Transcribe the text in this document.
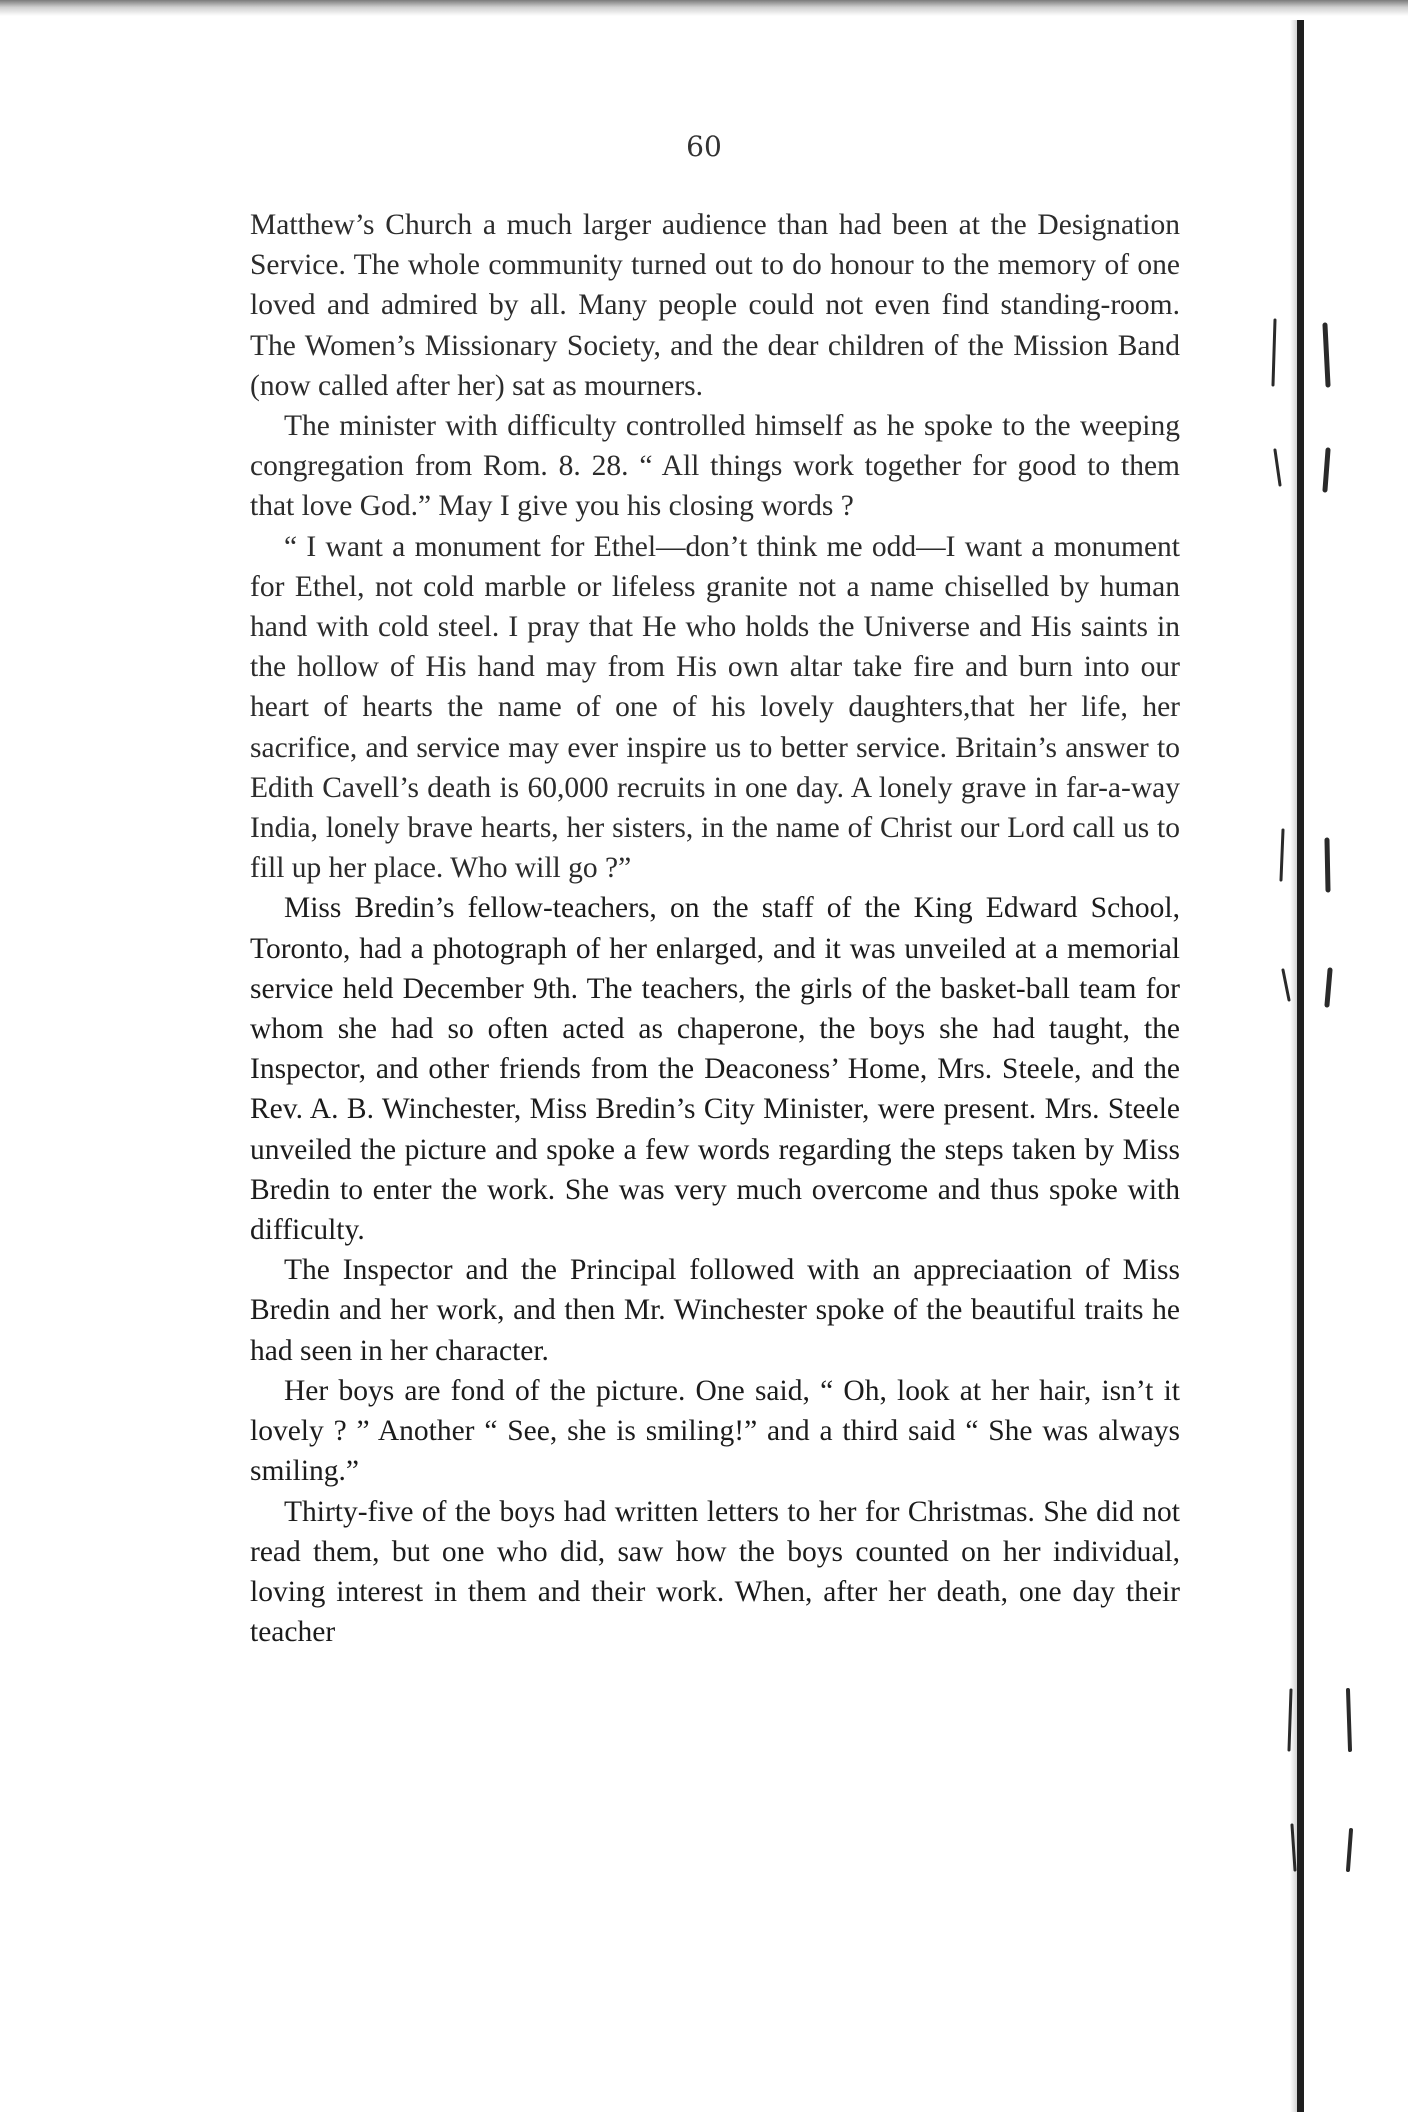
60

Matthew’s Church a much larger audience than had been at the Designation Service. The whole community turned out to do honour to the memory of one loved and admired by all. Many people could not even find standing-room. The Women’s Missionary Society, and the dear children of the Mission Band (now called after her) sat as mourners.

The minister with difficulty controlled himself as he spoke to the weeping congregation from Rom. 8. 28. “ All things work together for good to them that love God.” May I give you his closing words ?

“ I want a monument for Ethel—don’t think me odd—I want a monument for Ethel, not cold marble or lifeless granite not a name chiselled by human hand with cold steel. I pray that He who holds the Universe and His saints in the hollow of His hand may from His own altar take fire and burn into our heart of hearts the name of one of his lovely daughters,that her life, her sacrifice, and service may ever inspire us to better service. Britain’s answer to Edith Cavell’s death is 60,000 recruits in one day. A lonely grave in far-a-way India, lonely brave hearts, her sisters, in the name of Christ our Lord call us to fill up her place. Who will go ?”

Miss Bredin’s fellow-teachers, on the staff of the King Edward School, Toronto, had a photograph of her enlarged, and it was unveiled at a memorial service held December 9th. The teachers, the girls of the basket-ball team for whom she had so often acted as chaperone, the boys she had taught, the Inspector, and other friends from the Deaconess’ Home, Mrs. Steele, and the Rev. A. B. Winchester, Miss Bredin’s City Minister, were present. Mrs. Steele unveiled the picture and spoke a few words regarding the steps taken by Miss Bredin to enter the work. She was very much overcome and thus spoke with difficulty.

The Inspector and the Principal followed with an appreciaation of Miss Bredin and her work, and then Mr. Winchester spoke of the beautiful traits he had seen in her character.

Her boys are fond of the picture. One said, “ Oh, look at her hair, isn’t it lovely ? ” Another “ See, she is smiling!” and a third said “ She was always smiling.”

Thirty-five of the boys had written letters to her for Christmas. She did not read them, but one who did, saw how the boys counted on her individual, loving interest in them and their work. When, after her death, one day their teacher
